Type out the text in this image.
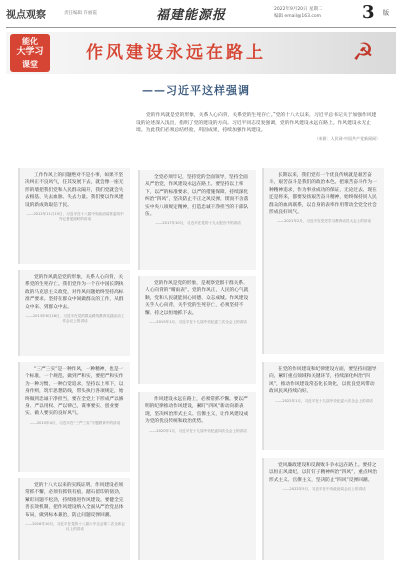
视点观察	责任编辑 许丽霞	福建能源报	2022年9月20日 星期二
编辑 email@163.com 3 版
能化
大学习
课堂
作风建设永远在路上	☭
——习近平这样强调

党的作风就是党的形象，关系人心向背，关系党的生死存亡。”党的十八大以来，习近平总书记关于加强作风建设的论述深入浅出，指明了党的建设的方向。习近平同志反复强调，党的作风建设永远在路上。作风建设永无止境。为此我们必须总结经验，巩固成果，持续加强作风建设。

（来源：人民网-中国共产党新闻网）

工作作风上的问题绝对不是小事，如果不坚决纠正不良风气，任其发展下去，就会像一座无形的墙把我们党和人民群众隔开，我们党就会失去根基、失去血脉、失去力量。我们要以作风建设的新成效取信于民。

——2012年11月15日，习近平在十八届中央政治局常委同中外记者见面时的讲话

党的作风就是党的形象，关系人心向背，关系党的生死存亡。我们党作为一个在中国长期执政的马克思主义政党，对作风问题始终坚持高标准严要求。坚持在群众中间做群众的工作，从群众中来、到群众中去。

——2013年6月18日，习近平在党的群众路线教育实践活动工作会议上的讲话

“三严三实”是一种作风，一种精神，也是一个标准，一个规范。做到严和实，要把严和实作为一种习惯，一种自觉追求，坚持以上率下，以身作则，筑牢思想防线，带头执行各项规定，始终做到忠诚干净担当，要在全党上下形成严以修身、严以用权、严以律己，谋事要实、创业要实、做人要实的良好风气。

——2015年4月，习近平在“三严三实”专题教育中的讲话

党的十八大以来的实践证明，作风建设必须常抓不懈，必须有抓铁有痕、踏石留印的韧劲，紧盯问题不松劲，持续推进作风建设。要健全完善长效机制，把作风建设纳入全面从严治党总体布局，做到标本兼治，防止问题反弹回潮。

——2016年10月，习近平在党的十八届六中全会第二次全体会议上的讲话

全党必须牢记，坚持党的全面领导，坚持全面从严治党，作风建设永远在路上。要坚持以上率下，以严的标准要求，以严的措施保障，持续深化纠治“四风”，坚决防止不正之风反弹，锲而不舍落实中央八项规定精神，打造忠诚干净担当的干部队伍。

——2017年10月，习近平在党的十九大报告中的讲话

党的作风是党的形象，是观察党群干群关系、人心向背的“晴雨表”。党的作风正，人民的心气就顺，党和人民就能同心同德、众志成城。作风建设关乎人心向背，关乎党的生死存亡，必须坚持不懈、持之以恒地抓下去。

——2019年1月，习近平在十九届中央纪委三次全会上的讲话

作风建设永远在路上，必须常抓不懈。要以严明的纪律推动作风建设，紧盯“四风”新动向新表现，坚决纠治形式主义、官僚主义，让作风建设成为党的优良传统和政治优势。

——2020年1月，习近平在十九届中央纪委四次全会上的讲话

长期以来，我们党有一个优良传统就是艰苦奋斗，艰苦奋斗是我们的政治本色。把艰苦奋斗作为一种精神追求，作为事业成功的保证，无论过去、现在还是将来，都要发扬艰苦奋斗精神，始终保持同人民群众的血肉联系，以自身的表率作用带动全党全社会形成良好风气。

——2021年2月，习近平在党史学习教育动员大会上的讲话

在党的作风建设和纪律建设方面，要坚持问题导向，紧盯重点领域和关键环节，持续深化纠治“四风”，推动作风建设常态化长效化，以优良党风带动政风民风持续向好。

——2022年1月，习近平在十九届中央纪委六次全会上的讲话

党风廉政建设和反腐败斗争永远在路上。要持之以恒正风肃纪，以钉钉子精神纠治“四风”，重点纠治形式主义、官僚主义，坚决防止“四风”反弹回潮。

——2022年5月，习近平在中央政治局会议上的讲话
